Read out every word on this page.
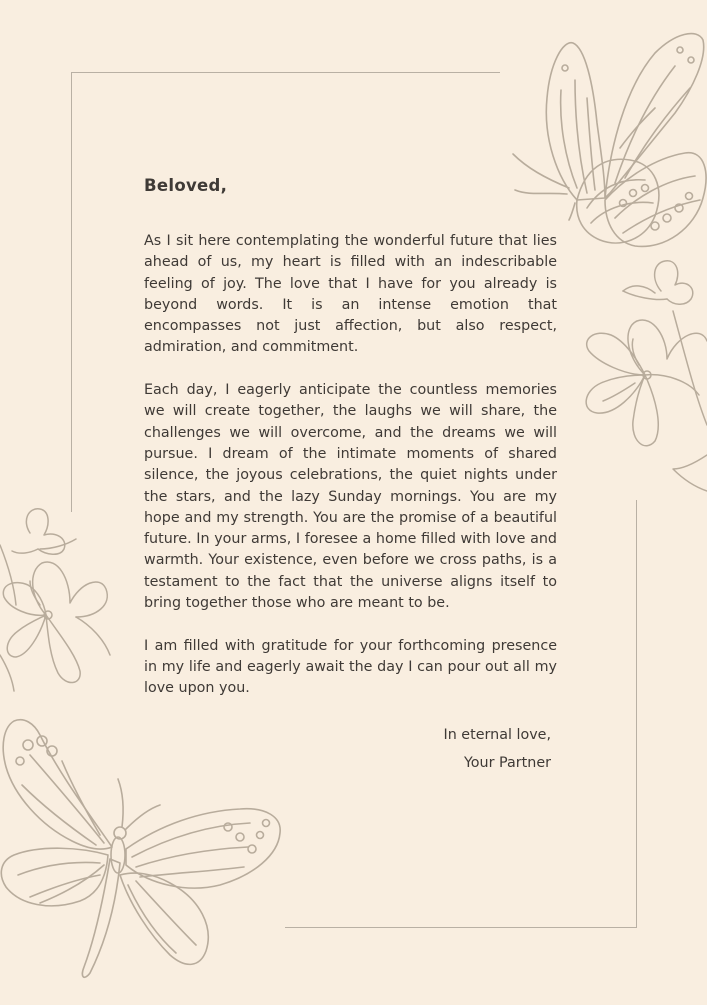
Beloved,

As I sit here contemplating the wonderful future that lies ahead of us, my heart is filled with an indescribable feeling of joy. The love that I have for you already is beyond words. It is an intense emotion that encompasses not just affection, but also respect, admiration, and commitment.

Each day, I eagerly anticipate the countless memories we will create together, the laughs we will share, the challenges we will overcome, and the dreams we will pursue. I dream of the intimate moments of shared silence, the joyous celebrations, the quiet nights under the stars, and the lazy Sunday mornings. You are my hope and my strength. You are the promise of a beautiful future. In your arms, I foresee a home filled with love and warmth. Your existence, even before we cross paths, is a testament to the fact that the universe aligns itself to bring together those who are meant to be.

I am filled with gratitude for your forthcoming presence in my life and eagerly await the day I can pour out all my love upon you.

In eternal love,
Your Partner
